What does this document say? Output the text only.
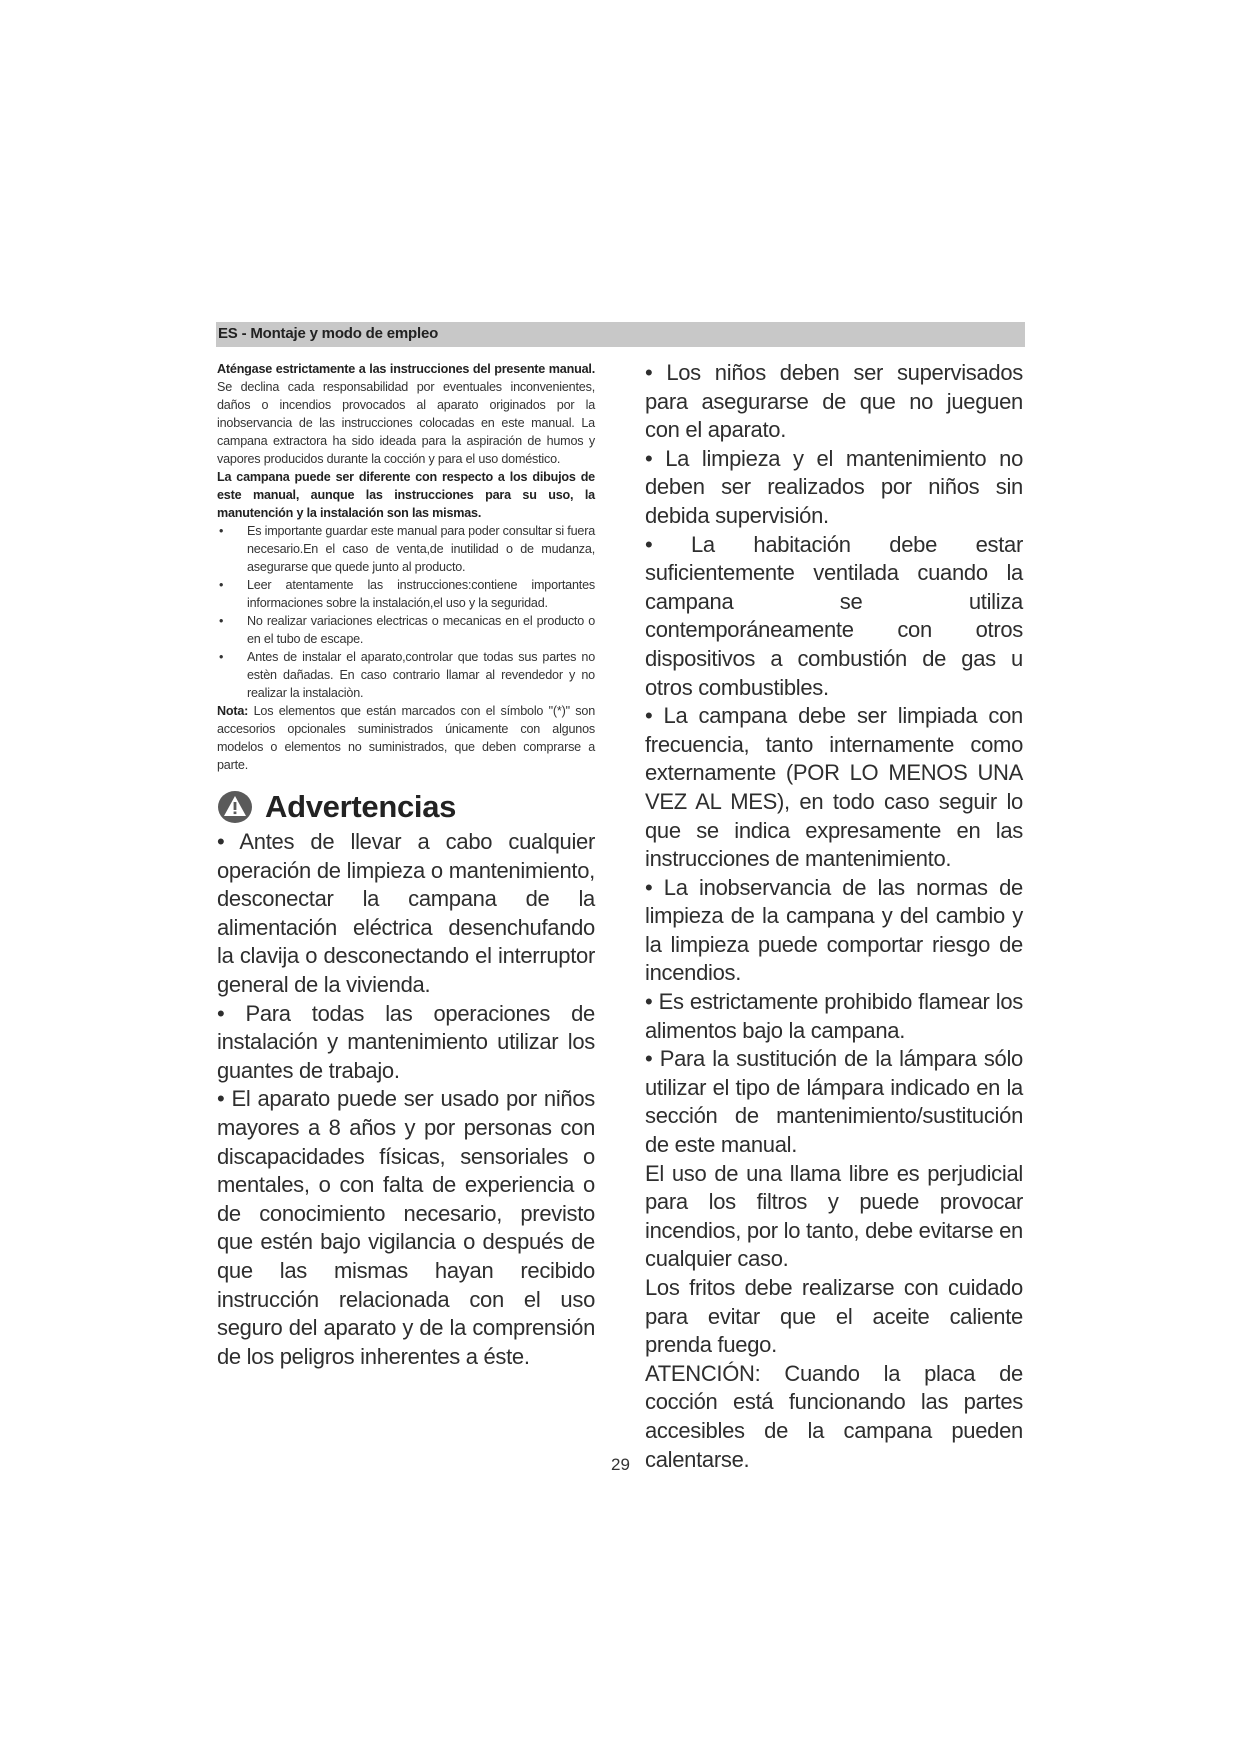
ES - Montaje y modo de empleo

Aténgase estrictamente a las instrucciones del presente manual. Se declina cada responsabilidad por eventuales inconvenientes, daños o incendios provocados al aparato originados por la inobservancia de las instrucciones colocadas en este manual. La campana extractora ha sido ideada para la aspiración de humos y vapores producidos durante la cocción y para el uso doméstico.

La campana puede ser diferente con respecto a los dibujos de este manual, aunque las instrucciones para su uso, la manutención y la instalación son las mismas.

• Es importante guardar este manual para poder consultar si fuera necesario.En el caso de venta,de inutilidad o de mudanza, asegurarse que quede junto al producto.
• Leer atentamente las instrucciones:contiene importantes informaciones sobre la instalación,el uso y la seguridad.
• No realizar variaciones electricas o mecanicas en el producto o en el tubo de escape.
• Antes de instalar el aparato,controlar que todas sus partes no estèn dañadas. En caso contrario llamar al revendedor y no realizar la instalaciòn.

Nota: Los elementos que están marcados con el símbolo "(*)" son accesorios opcionales suministrados únicamente con algunos modelos o elementos no suministrados, que deben comprarse a parte.

Advertencias

• Antes de llevar a cabo cualquier operación de limpieza o mantenimiento, desconectar la campana de la alimentación eléctrica desenchufando la clavija o desconectando el interruptor general de la vivienda.

• Para todas las operaciones de instalación y mantenimiento utilizar los guantes de trabajo.

• El aparato puede ser usado por niños mayores a 8 años y por personas con discapacidades físicas, sensoriales o mentales, o con falta de experiencia o de conocimiento necesario, previsto que estén bajo vigilancia o después de que las mismas hayan recibido instrucción relacionada con el uso seguro del aparato y de la comprensión de los peligros inherentes a éste.

• Los niños deben ser supervisados para asegurarse de que no jueguen con el aparato.

• La limpieza y el mantenimiento no deben ser realizados por niños sin debida supervisión.

• La habitación debe estar suficientemente ventilada cuando la campana se utiliza contemporáneamente con otros dispositivos a combustión de gas u otros combustibles.

• La campana debe ser limpiada con frecuencia, tanto internamente como externamente (POR LO MENOS UNA VEZ AL MES), en todo caso seguir lo que se indica expresamente en las instrucciones de mantenimiento.

• La inobservancia de las normas de limpieza de la campana y del cambio y la limpieza puede comportar riesgo de incendios.

• Es estrictamente prohibido flamear los alimentos bajo la campana.

• Para la sustitución de la lámpara sólo utilizar el tipo de lámpara indicado en la sección de mantenimiento/sustitución de este manual.

El uso de una llama libre es perjudicial para los filtros y puede provocar incendios, por lo tanto, debe evitarse en cualquier caso.

Los fritos debe realizarse con cuidado para evitar que el aceite caliente prenda fuego.

ATENCIÓN: Cuando la placa de cocción está funcionando las partes accesibles de la campana pueden calentarse.

29
